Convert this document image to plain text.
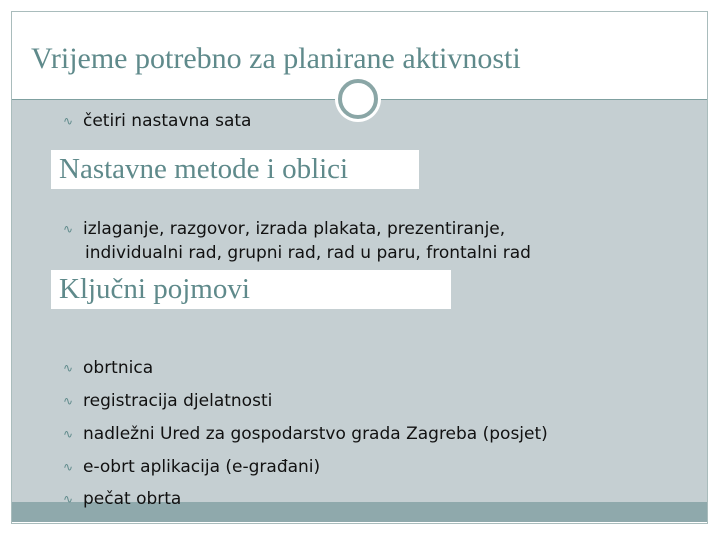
Vrijeme potrebno za planirane aktivnosti
∿ četiri nastavna sata
Nastavne metode i oblici
∿ izlaganje, razgovor, izrada plakata, prezentiranje,
individualni rad, grupni rad, rad u paru, frontalni rad
Ključni pojmovi
∿ obrtnica
∿ registracija djelatnosti
∿ nadležni Ured za gospodarstvo grada Zagreba (posjet)
∿ e-obrt aplikacija (e-građani)
∿ pečat obrta
